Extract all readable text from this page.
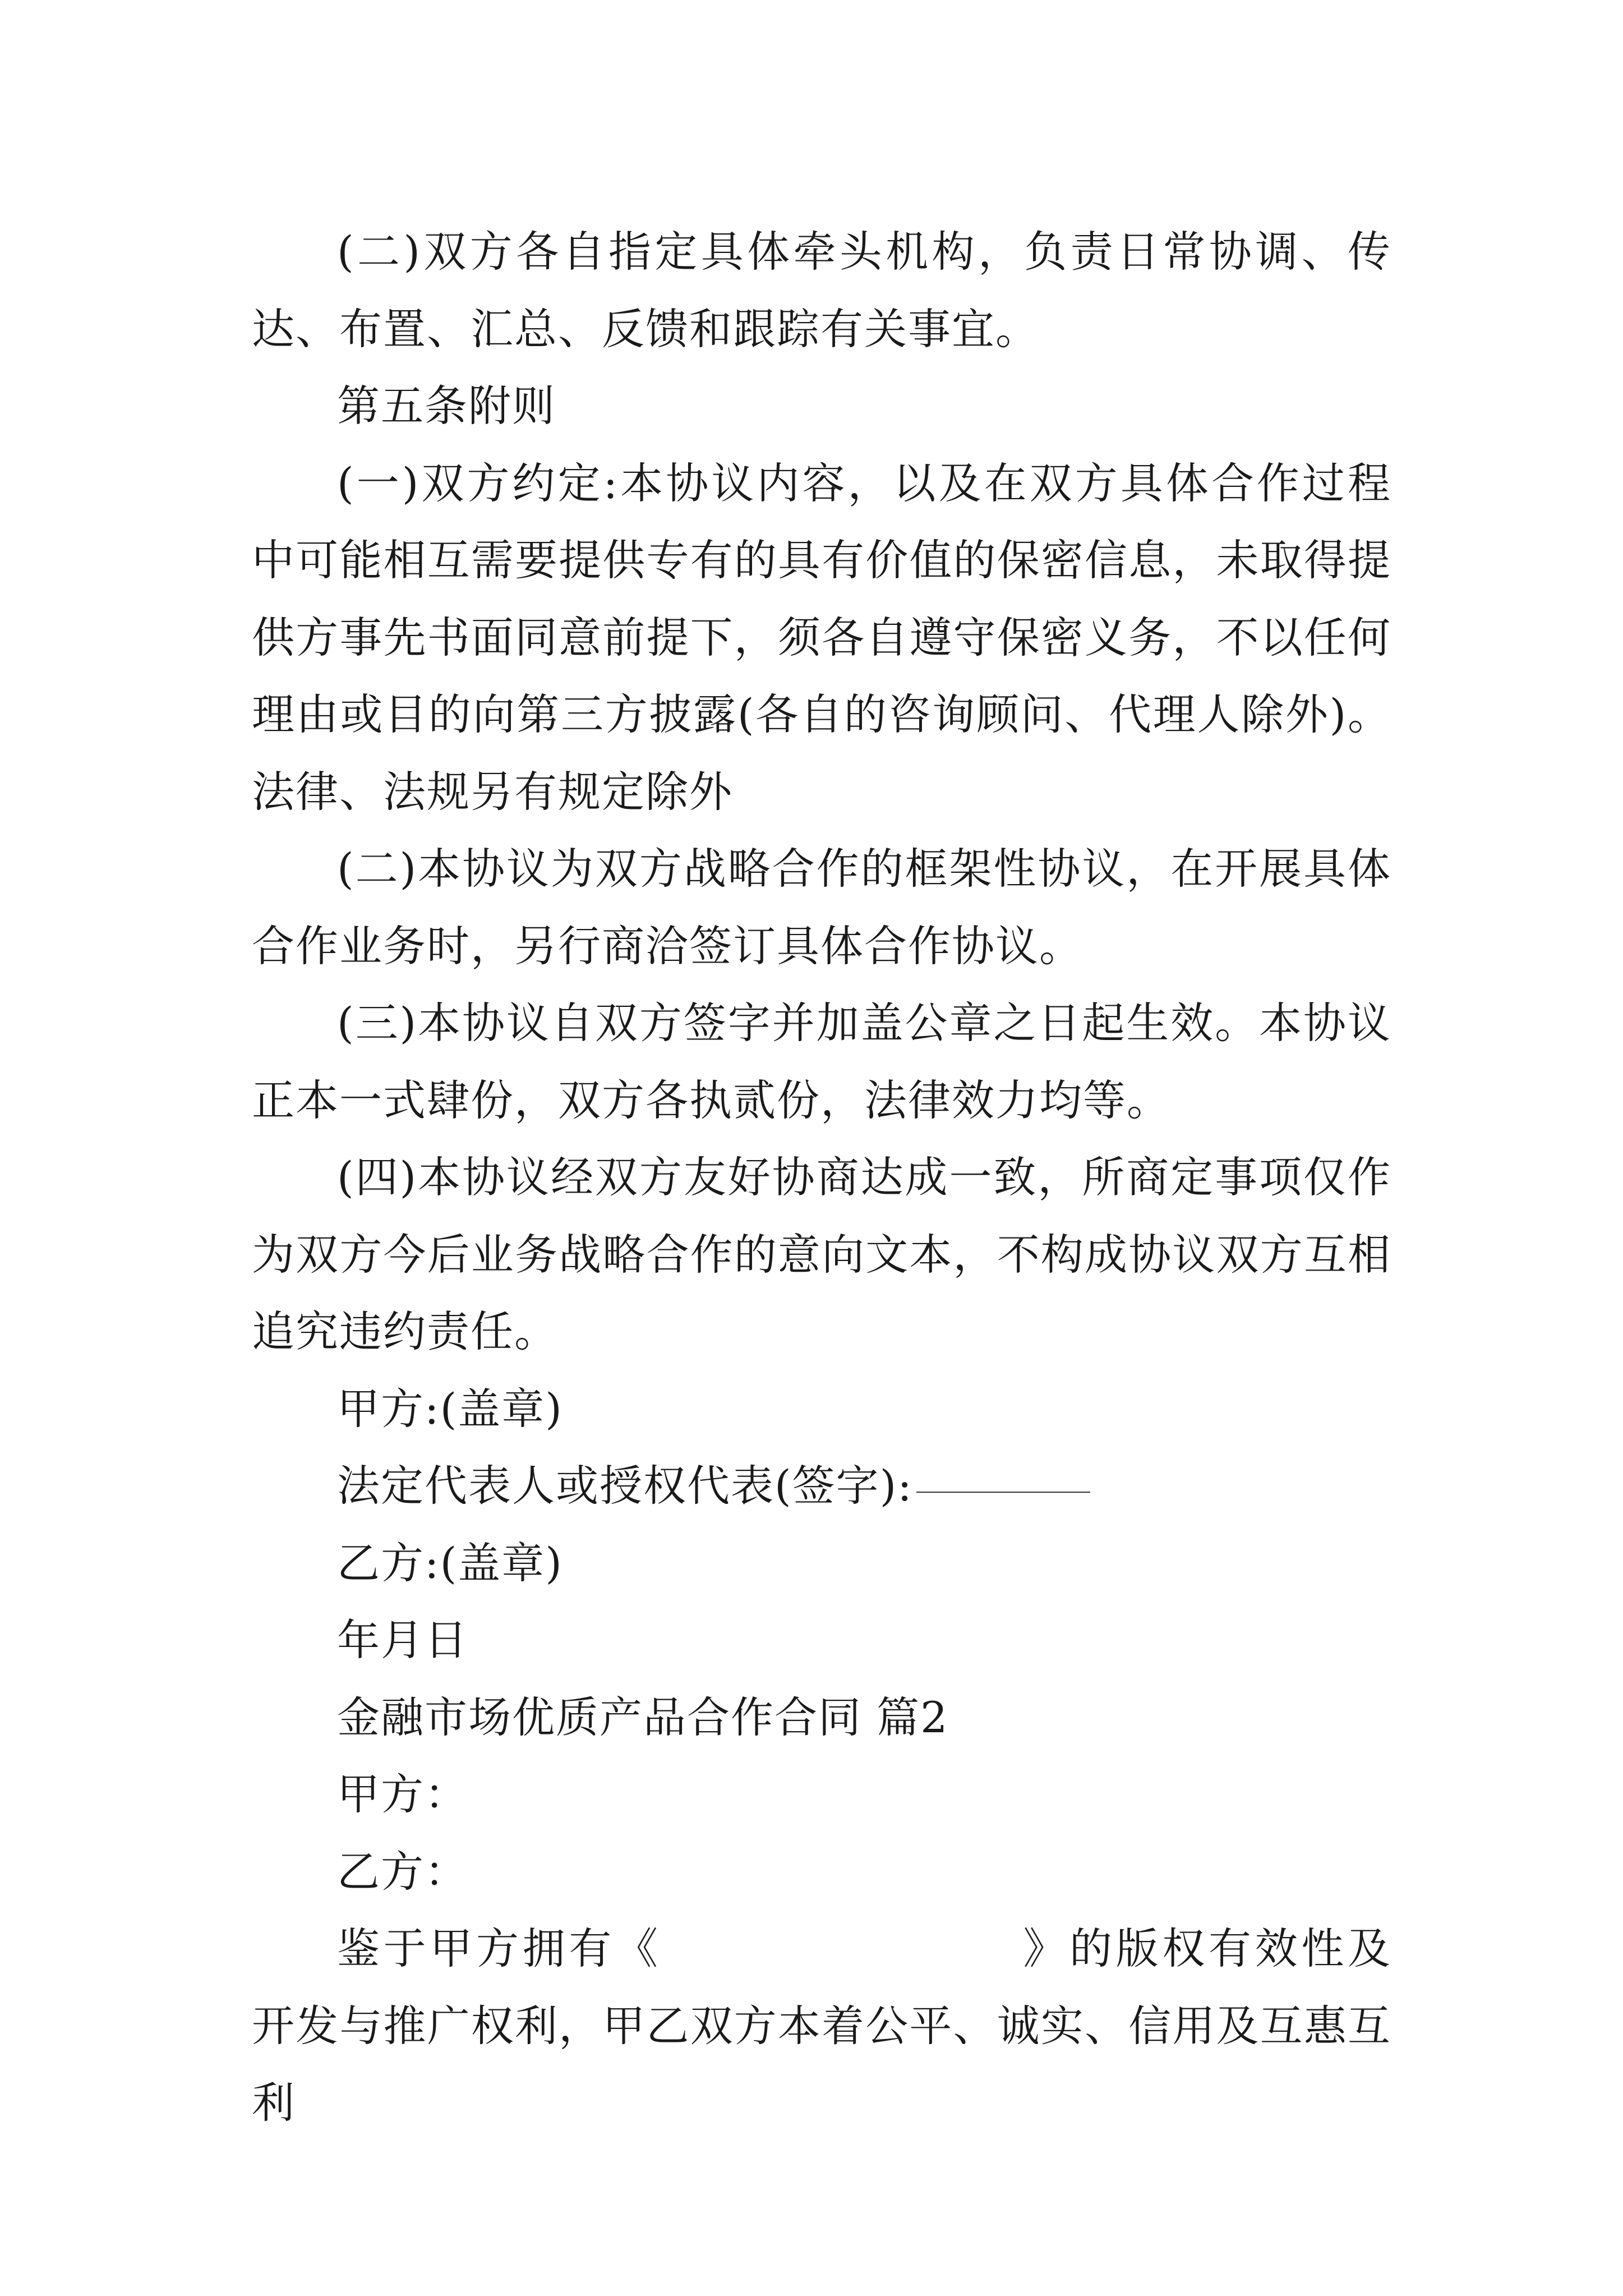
(二)双方各自指定具体牵头机构，负责日常协调、传达、布置、汇总、反馈和跟踪有关事宜。

第五条附则

(一)双方约定:本协议内容，以及在双方具体合作过程中可能相互需要提供专有的具有价值的保密信息，未取得提供方事先书面同意前提下，须各自遵守保密义务，不以任何理由或目的向第三方披露(各自的咨询顾问、代理人除外)。法律、法规另有规定除外

(二)本协议为双方战略合作的框架性协议，在开展具体合作业务时，另行商洽签订具体合作协议。

(三)本协议自双方签字并加盖公章之日起生效。本协议正本一式肆份，双方各执贰份，法律效力均等。

(四)本协议经双方友好协商达成一致，所商定事项仅作为双方今后业务战略合作的意向文本，不构成协议双方互相追究违约责任。

甲方:(盖章)

法定代表人或授权代表(签字):

乙方:(盖章)

年月日

金融市场优质产品合作合同 篇2

甲方：

乙方：

鉴于甲方拥有《	》的版权有效性及开发与推广权利，甲乙双方本着公平、诚实、信用及互惠互利
